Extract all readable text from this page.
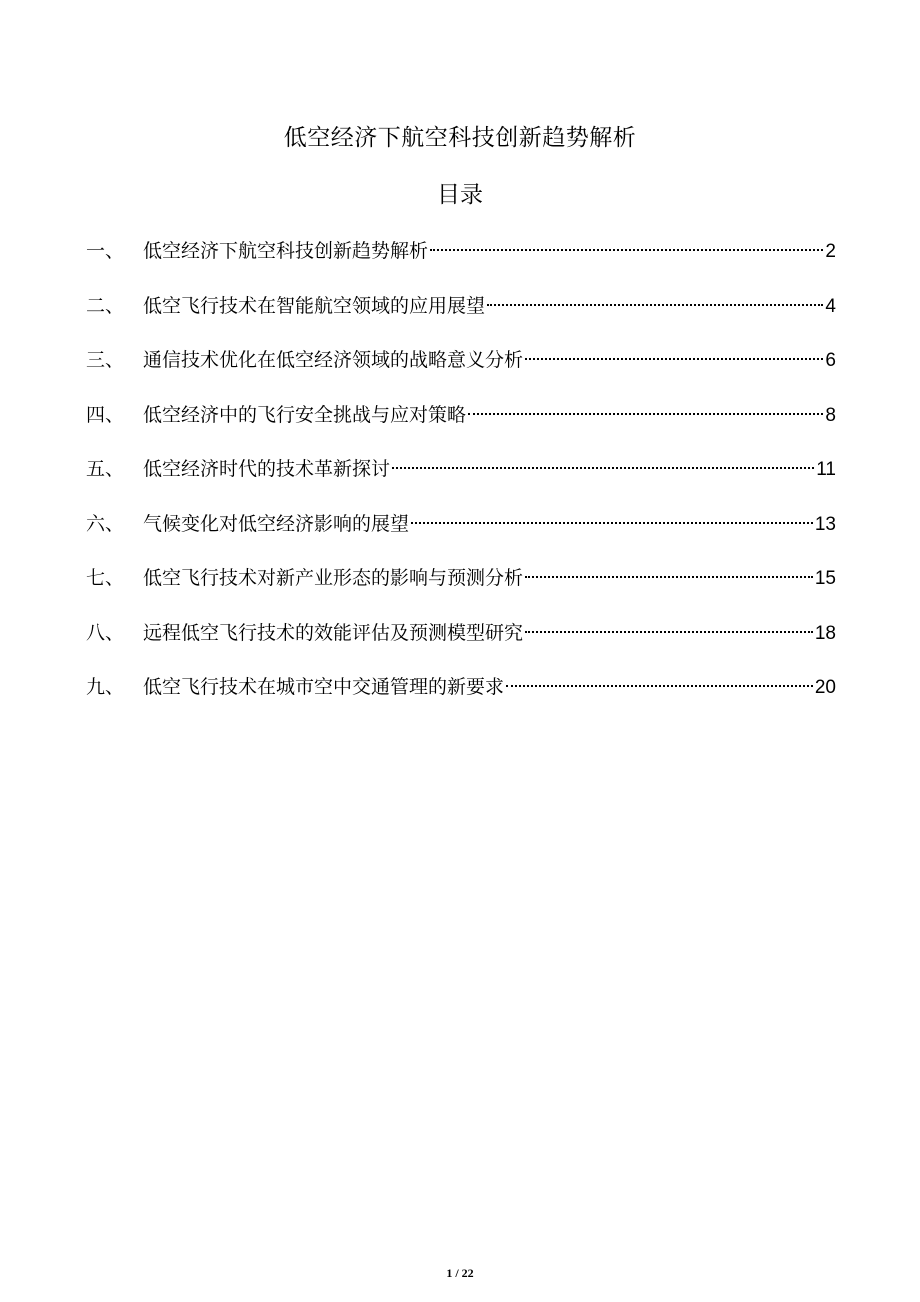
低空经济下航空科技创新趋势解析
目录
一、 低空经济下航空科技创新趋势解析	2
二、 低空飞行技术在智能航空领域的应用展望	4
三、 通信技术优化在低空经济领域的战略意义分析	6
四、 低空经济中的飞行安全挑战与应对策略	8
五、 低空经济时代的技术革新探讨	11
六、 气候变化对低空经济影响的展望	13
七、 低空飞行技术对新产业形态的影响与预测分析	15
八、 远程低空飞行技术的效能评估及预测模型研究	18
九、 低空飞行技术在城市空中交通管理的新要求	20
1 / 22
